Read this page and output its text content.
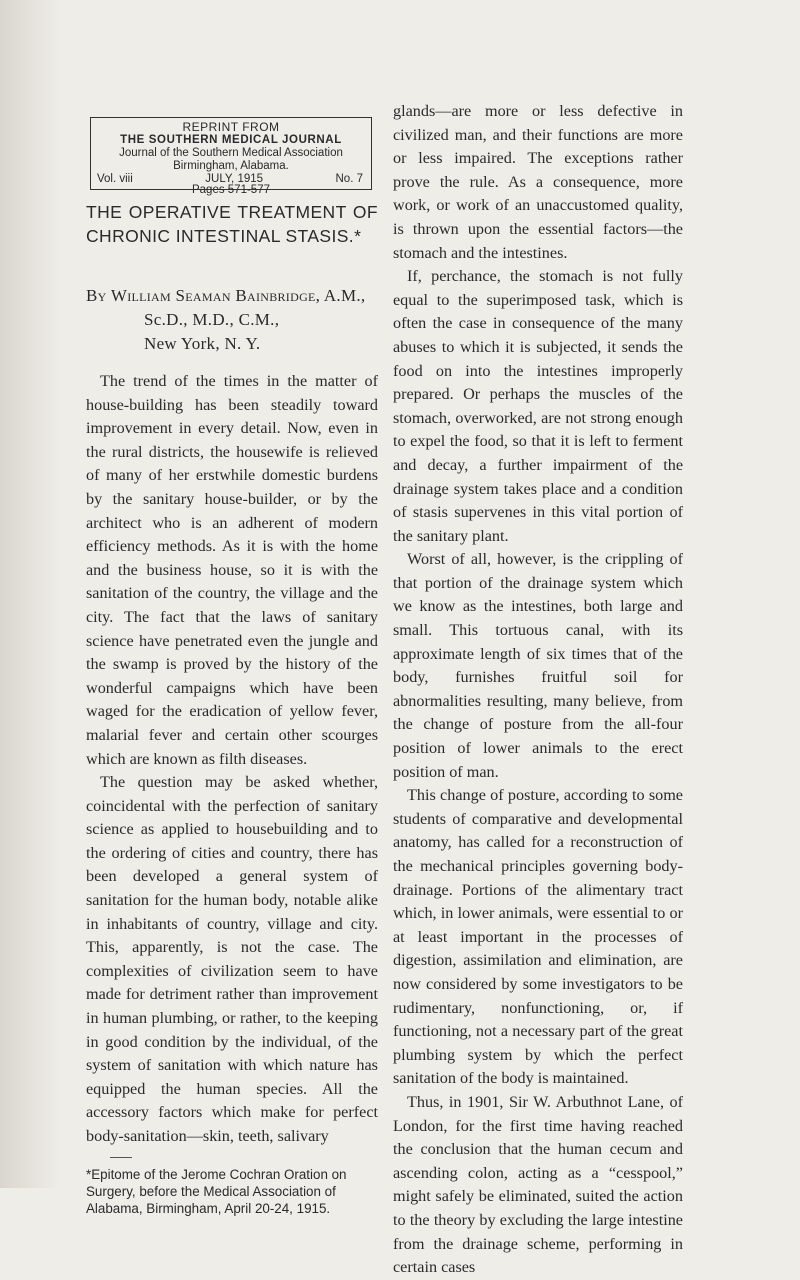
REPRINT FROM
THE SOUTHERN MEDICAL JOURNAL
Journal of the Southern Medical Association
Birmingham, Alabama.
Vol. viii	JULY, 1915	No. 7
Pages 571-577
THE OPERATIVE TREATMENT OF CHRONIC INTESTINAL STASIS.*
By William Seaman Bainbridge, A.M.,
Sc.D., M.D., C.M.,
New York, N. Y.

The trend of the times in the matter of house-building has been steadily toward improvement in every detail. Now, even in the rural districts, the housewife is relieved of many of her erstwhile domestic burdens by the sanitary house-builder, or by the architect who is an adherent of modern efficiency methods. As it is with the home and the business house, so it is with the sanitation of the country, the village and the city. The fact that the laws of sanitary science have penetrated even the jungle and the swamp is proved by the history of the wonderful campaigns which have been waged for the eradication of yellow fever, malarial fever and certain other scourges which are known as filth diseases.

The question may be asked whether, coincidental with the perfection of sanitary science as applied to housebuilding and to the ordering of cities and country, there has been developed a general system of sanitation for the human body, notable alike in inhabitants of country, village and city. This, apparently, is not the case. The complexities of civilization seem to have made for detriment rather than improvement in human plumbing, or rather, to the keeping in good condition by the individual, of the system of sanitation with which nature has equipped the human species. All the accessory factors which make for perfect body-sanitation—skin, teeth, salivary

*Epitome of the Jerome Cochran Oration on Surgery, before the Medical Association of Alabama, Birmingham, April 20-24, 1915.

glands—are more or less defective in civilized man, and their functions are more or less impaired. The exceptions rather prove the rule. As a consequence, more work, or work of an unaccustomed quality, is thrown upon the essential factors—the stomach and the intestines.

If, perchance, the stomach is not fully equal to the superimposed task, which is often the case in consequence of the many abuses to which it is subjected, it sends the food on into the intestines improperly prepared. Or perhaps the muscles of the stomach, overworked, are not strong enough to expel the food, so that it is left to ferment and decay, a further impairment of the drainage system takes place and a condition of stasis supervenes in this vital portion of the sanitary plant.

Worst of all, however, is the crippling of that portion of the drainage system which we know as the intestines, both large and small. This tortuous canal, with its approximate length of six times that of the body, furnishes fruitful soil for abnormalities resulting, many believe, from the change of posture from the all-four position of lower animals to the erect position of man.

This change of posture, according to some students of comparative and developmental anatomy, has called for a reconstruction of the mechanical principles governing body-drainage. Portions of the alimentary tract which, in lower animals, were essential to or at least important in the processes of digestion, assimilation and elimination, are now considered by some investigators to be rudimentary, nonfunctioning, or, if functioning, not a necessary part of the great plumbing system by which the perfect sanitation of the body is maintained.

Thus, in 1901, Sir W. Arbuthnot Lane, of London, for the first time having reached the conclusion that the human cecum and ascending colon, acting as a “cesspool,” might safely be eliminated, suited the action to the theory by excluding the large intestine from the drainage scheme, performing in certain cases
